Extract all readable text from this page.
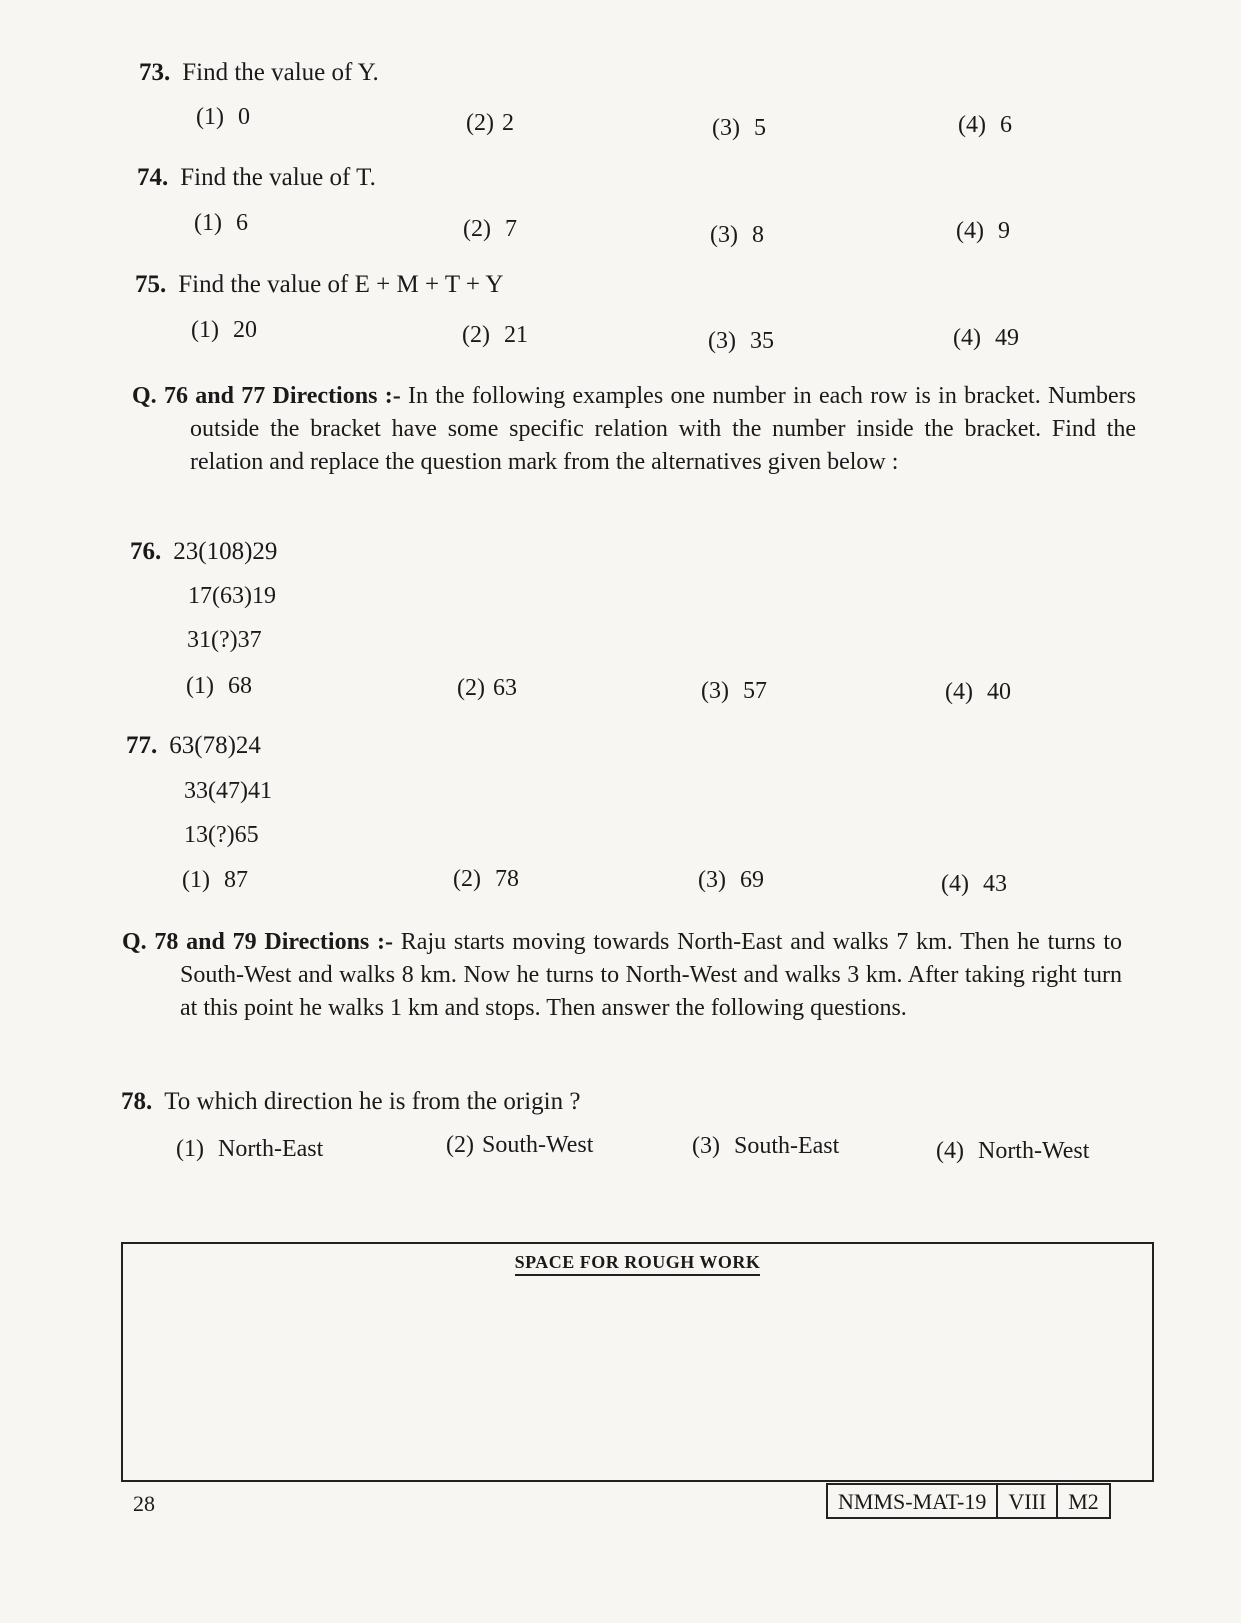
73. Find the value of Y.
(1) 0	(2) 2	(3) 5	(4) 6
74. Find the value of T.
(1) 6	(2) 7	(3) 8	(4) 9
75. Find the value of E + M + T + Y
(1) 20	(2) 21	(3) 35	(4) 49
Q. 76 and 77 Directions :- In the following examples one number in each row is in bracket. Numbers outside the bracket have some specific relation with the number inside the bracket. Find the relation and replace the question mark from the alternatives given below :
76. 23(108)29
17(63)19
31(?)37
(1) 68	(2) 63	(3) 57	(4) 40
77. 63(78)24
33(47)41
13(?)65
(1) 87	(2) 78	(3) 69	(4) 43
Q. 78 and 79 Directions :- Raju starts moving towards North-East and walks 7 km. Then he turns to South-West and walks 8 km. Now he turns to North-West and walks 3 km. After taking right turn at this point he walks 1 km and stops. Then answer the following questions.
78. To which direction he is from the origin ?
(1) North-East	(2) South-West	(3) South-East	(4) North-West
SPACE FOR ROUGH WORK
28	NMMS-MAT-19	VIII	M2
